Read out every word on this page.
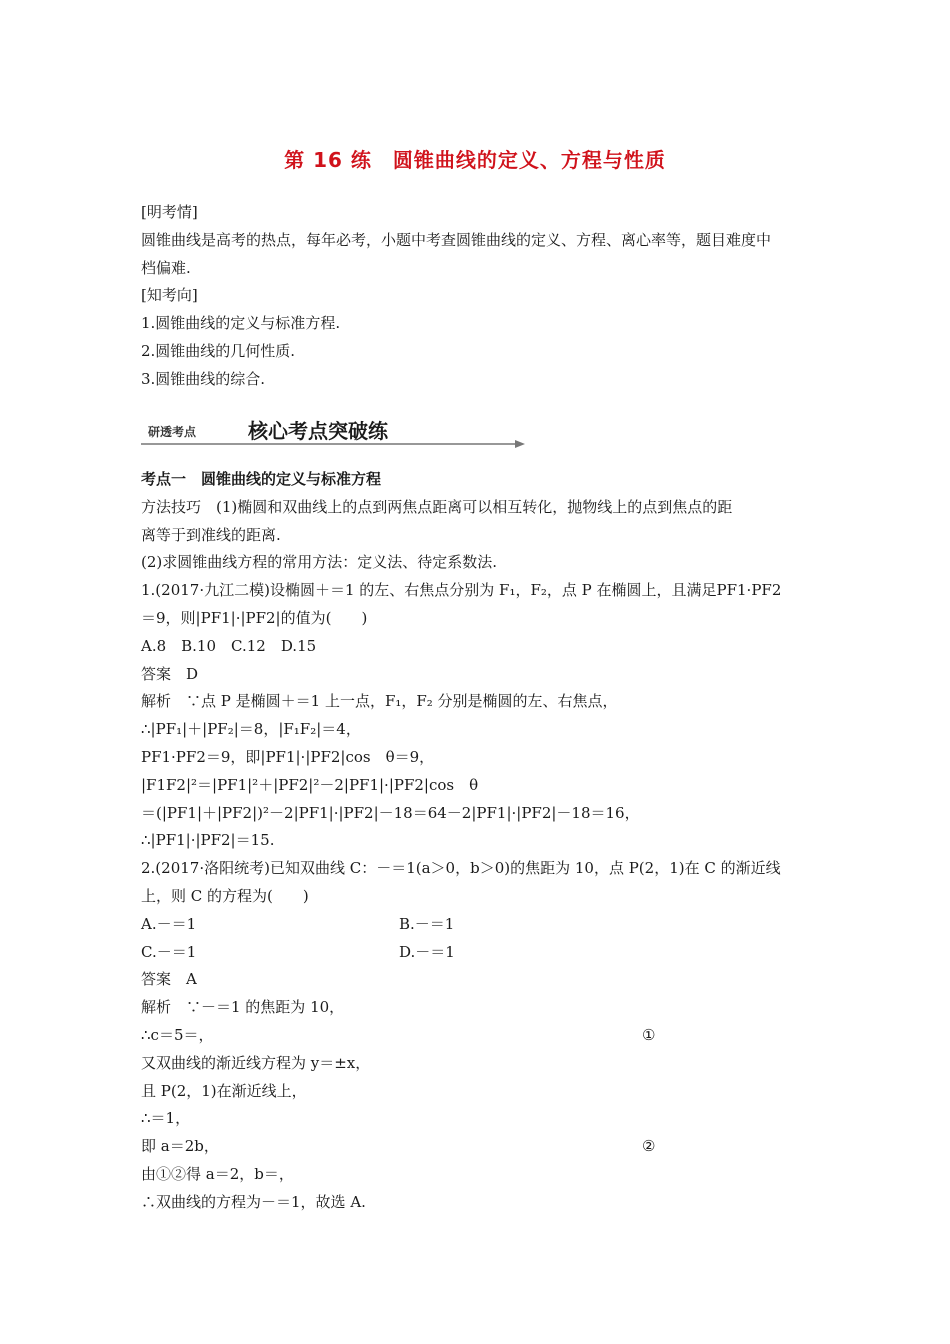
第 16 练　圆锥曲线的定义、方程与性质
[明考情]
圆锥曲线是高考的热点，每年必考，小题中考查圆锥曲线的定义、方程、离心率等，题目难度中
档偏难.
[知考向]
1.圆锥曲线的定义与标准方程.
2.圆锥曲线的几何性质.
3.圆锥曲线的综合.
研透考点	核心考点突破练
考点一　圆锥曲线的定义与标准方程
方法技巧　(1)椭圆和双曲线上的点到两焦点距离可以相互转化，抛物线上的点到焦点的距
离等于到准线的距离.
(2)求圆锥曲线方程的常用方法：定义法、待定系数法.
1.(2017·九江二模)设椭圆＋＝1 的左、右焦点分别为 F₁，F₂，点 P 在椭圆上，且满足PF1·PF2
＝9，则|PF1|·|PF2|的值为(　　)
A.8　B.10　C.12　D.15
答案　D
解析　∵点 P 是椭圆＋＝1 上一点，F₁，F₂ 分别是椭圆的左、右焦点，
∴|PF₁|＋|PF₂|＝8，|F₁F₂|＝4，
PF1·PF2＝9，即|PF1|·|PF2|cos　θ＝9，
|F1F2|²＝|PF1|²＋|PF2|²－2|PF1|·|PF2|cos　θ
＝(|PF1|＋|PF2|)²－2|PF1|·|PF2|－18＝64－2|PF1|·|PF2|－18＝16，
∴|PF1|·|PF2|＝15.
2.(2017·洛阳统考)已知双曲线 C：－＝1(a＞0，b＞0)的焦距为 10，点 P(2，1)在 C 的渐近线
上，则 C 的方程为(　　)
A.－＝1	B.－＝1
C.－＝1	D.－＝1
答案　A
解析　∵－＝1 的焦距为 10，
∴c＝5＝，	①
又双曲线的渐近线方程为 y＝±x，
且 P(2，1)在渐近线上，
∴＝1，
即 a＝2b，	②
由①②得 a＝2，b＝，
∴双曲线的方程为－＝1，故选 A.
